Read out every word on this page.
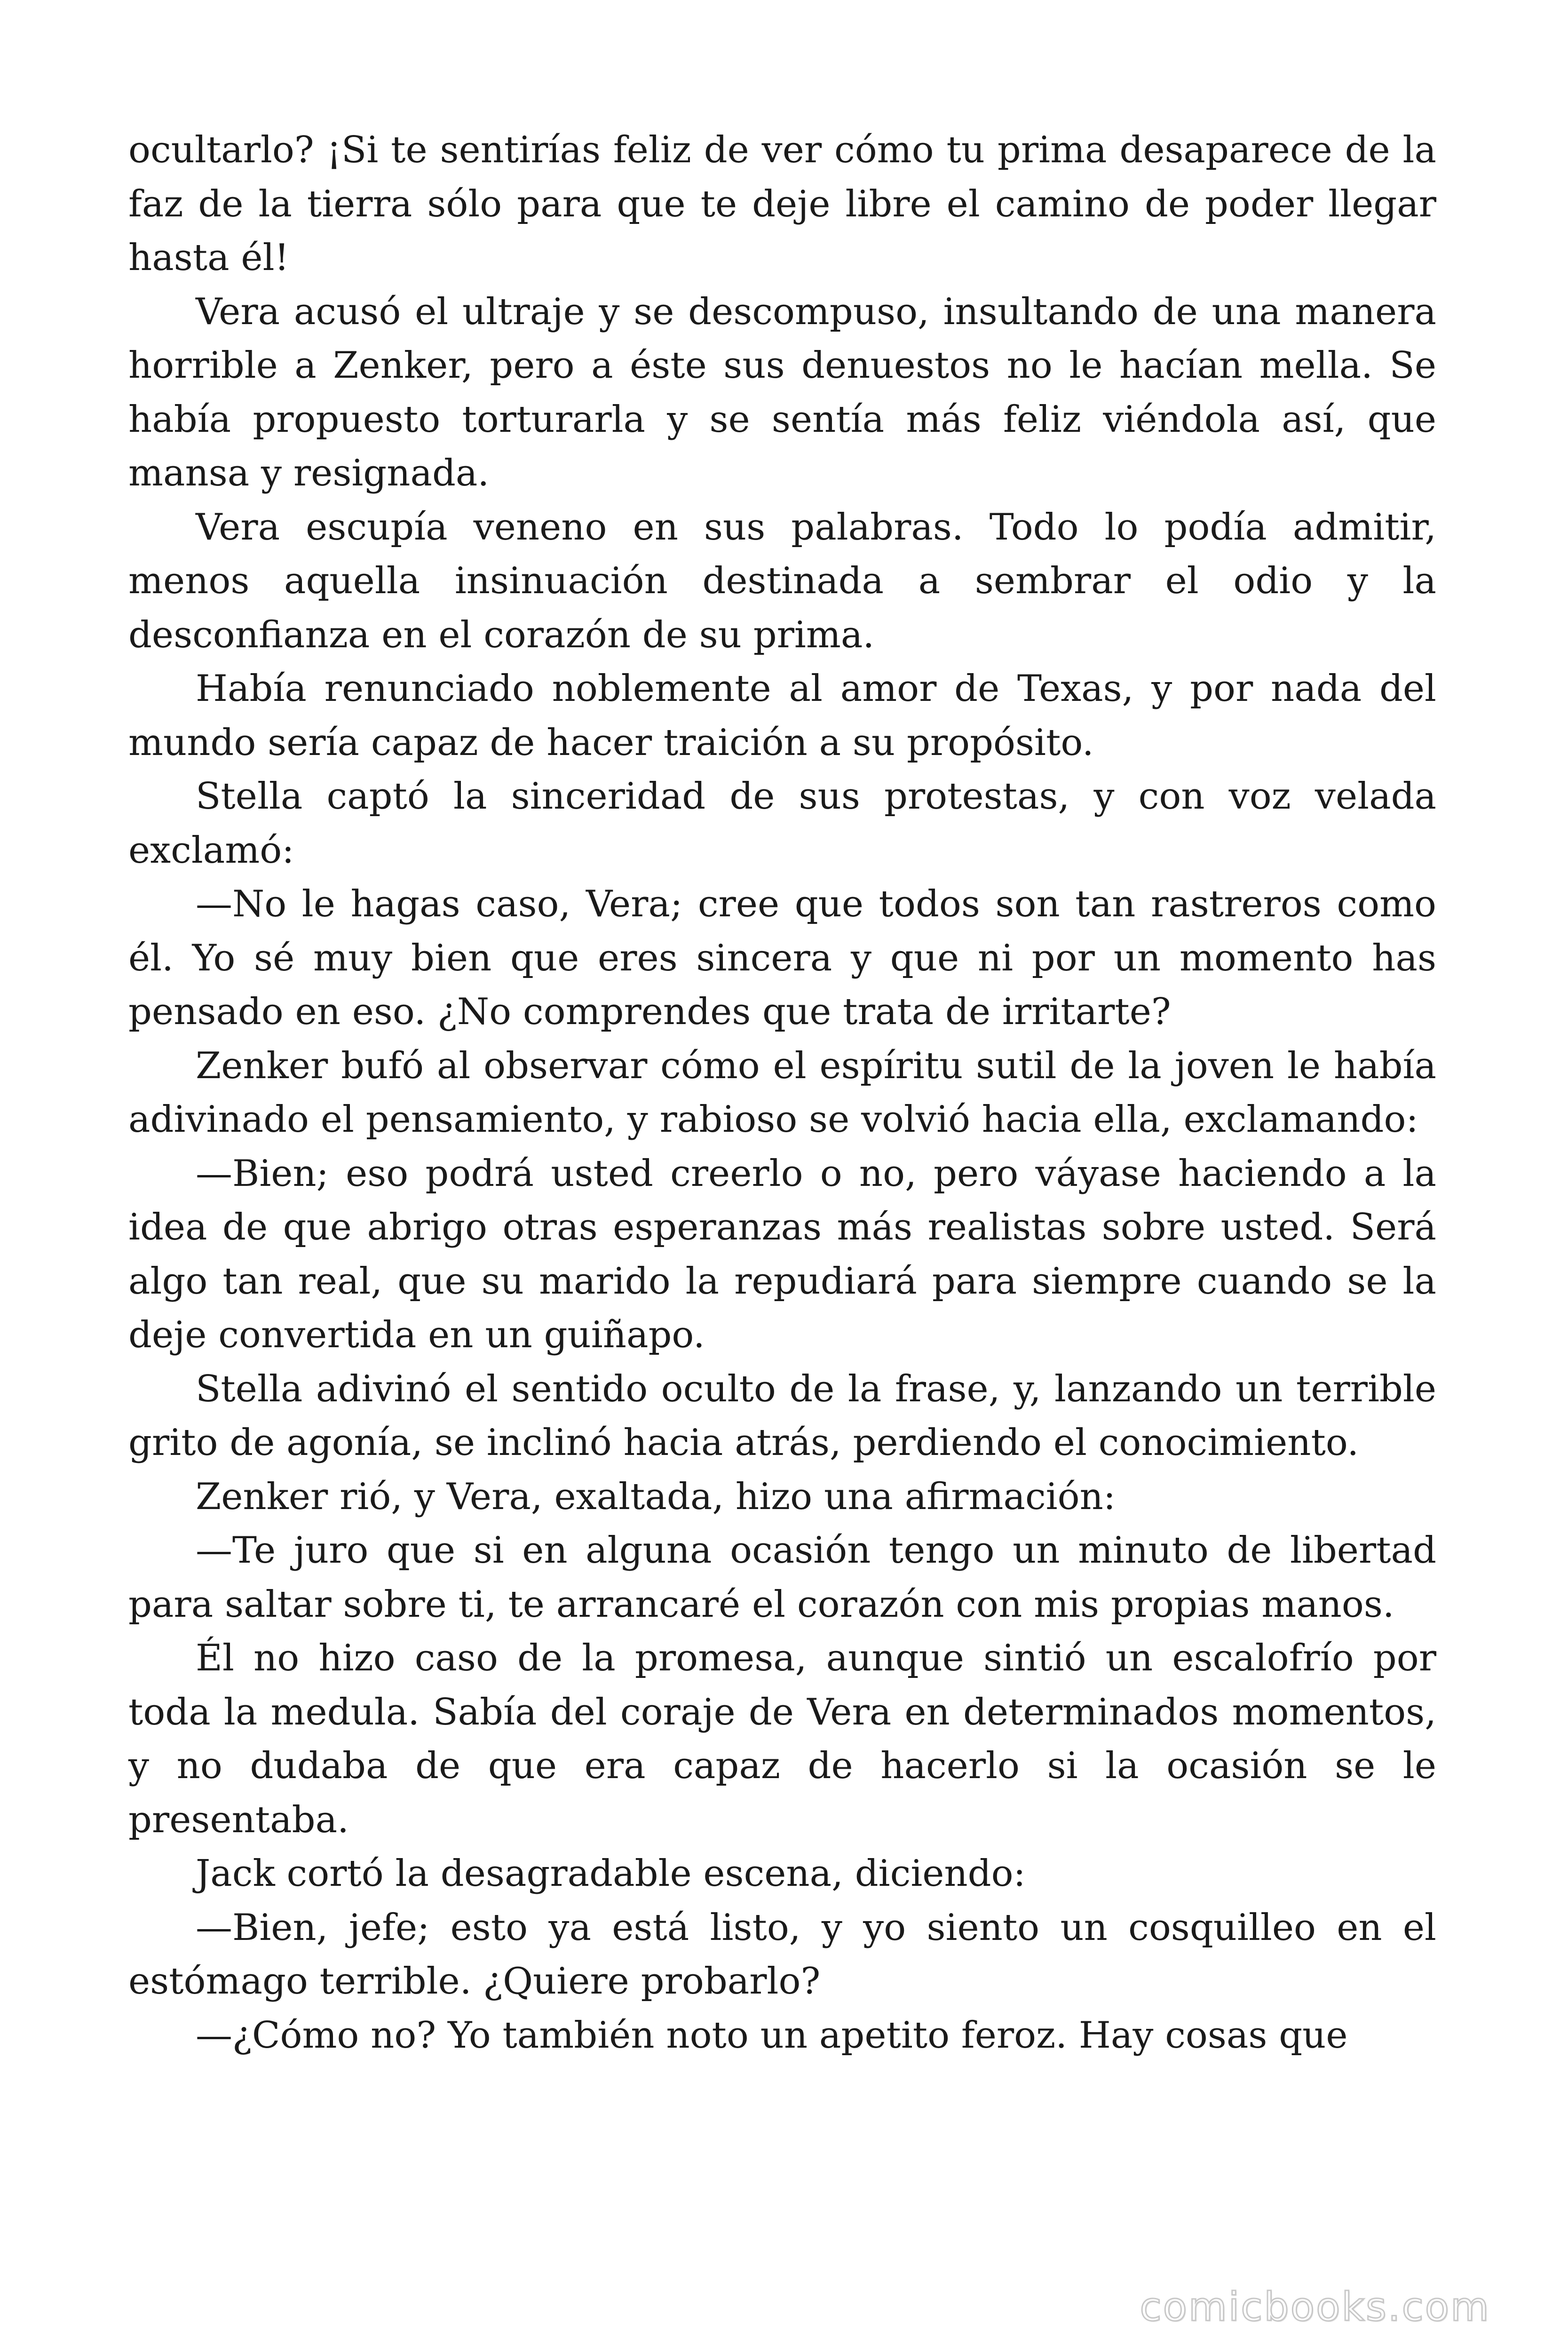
ocultarlo? ¡Si te sentirías feliz de ver cómo tu prima desaparece de la faz de la tierra sólo para que te deje libre el camino de poder llegar hasta él!

Vera acusó el ultraje y se descompuso, insultando de una manera horrible a Zenker, pero a éste sus denuestos no le hacían mella. Se había propuesto torturarla y se sentía más feliz viéndola así, que mansa y resignada.

Vera escupía veneno en sus palabras. Todo lo podía admitir, menos aquella insinuación destinada a sembrar el odio y la desconfianza en el corazón de su prima.

Había renunciado noblemente al amor de Texas, y por nada del mundo sería capaz de hacer traición a su propósito.

Stella captó la sinceridad de sus protestas, y con voz velada exclamó:

—No le hagas caso, Vera; cree que todos son tan rastreros como él. Yo sé muy bien que eres sincera y que ni por un momento has pensado en eso. ¿No comprendes que trata de irritarte?

Zenker bufó al observar cómo el espíritu sutil de la joven le había adivinado el pensamiento, y rabioso se volvió hacia ella, exclamando:

—Bien; eso podrá usted creerlo o no, pero váyase haciendo a la idea de que abrigo otras esperanzas más realistas sobre usted. Será algo tan real, que su marido la repudiará para siempre cuando se la deje convertida en un guiñapo.

Stella adivinó el sentido oculto de la frase, y, lanzando un terrible grito de agonía, se inclinó hacia atrás, perdiendo el conocimiento.

Zenker rió, y Vera, exaltada, hizo una afirmación:

—Te juro que si en alguna ocasión tengo un minuto de libertad para saltar sobre ti, te arrancaré el corazón con mis propias manos.

Él no hizo caso de la promesa, aunque sintió un escalofrío por toda la medula. Sabía del coraje de Vera en determinados momentos, y no dudaba de que era capaz de hacerlo si la ocasión se le presentaba.

Jack cortó la desagradable escena, diciendo:

—Bien, jefe; esto ya está listo, y yo siento un cosquilleo en el estómago terrible. ¿Quiere probarlo?

—¿Cómo no? Yo también noto un apetito feroz. Hay cosas que

comicbooks.com
